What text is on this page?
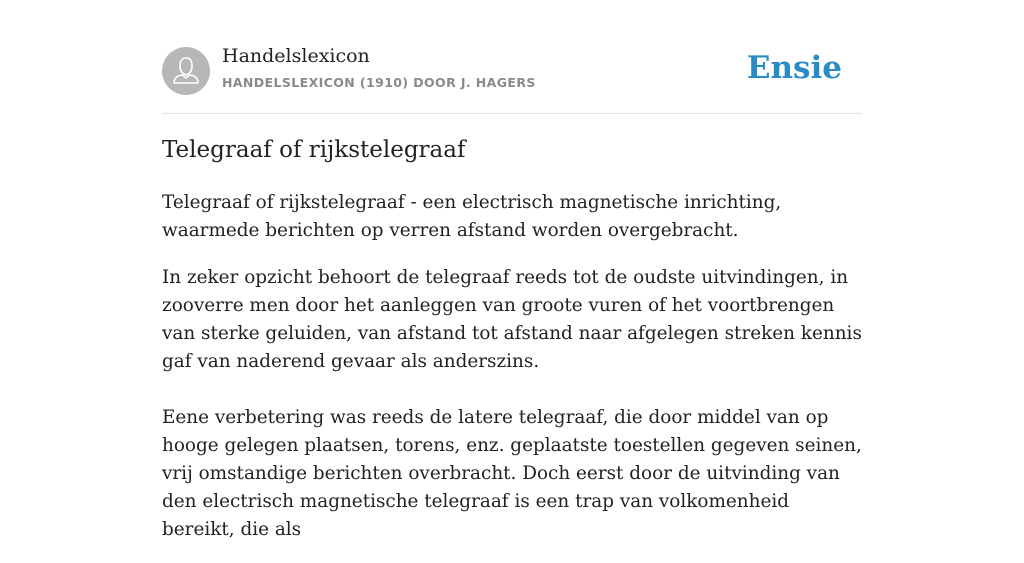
Handelslexicon
HANDELSLEXICON (1910) DOOR J. HAGERS	Ensie
Telegraaf of rijkstelegraaf

Telegraaf of rijkstelegraaf - een electrisch magnetische inrichting, waarmede berichten op verren afstand worden overgebracht.

In zeker opzicht behoort de telegraaf reeds tot de oudste uitvindingen, in zooverre men door het aanleggen van groote vuren of het voortbrengen van sterke geluiden, van afstand tot afstand naar afgelegen streken kennis gaf van naderend gevaar als anderszins.

Eene verbetering was reeds de latere telegraaf, die door middel van op hooge gelegen plaatsen, torens, enz. geplaatste toestellen gegeven seinen, vrij omstandige berichten overbracht. Doch eerst door de uitvinding van den electrisch magnetische telegraaf is een trap van volkomenheid bereikt, die als
